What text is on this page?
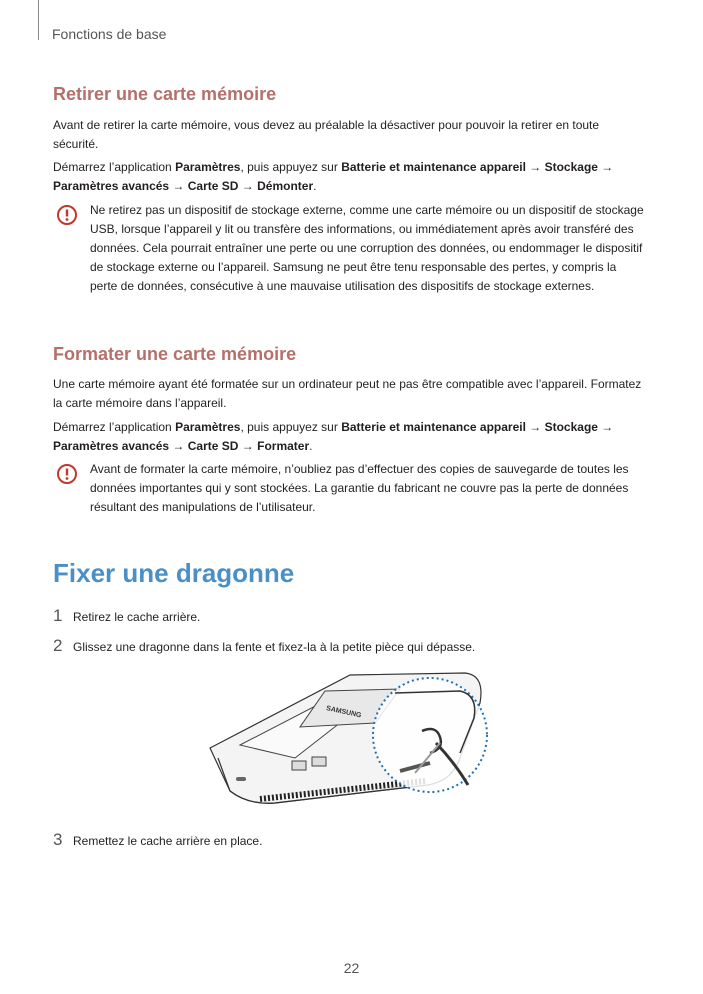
Fonctions de base
Retirer une carte mémoire
Avant de retirer la carte mémoire, vous devez au préalable la désactiver pour pouvoir la retirer en toute sécurité.
Démarrez l’application Paramètres, puis appuyez sur Batterie et maintenance appareil → Stockage →
Paramètres avancés → Carte SD → Démonter.
Ne retirez pas un dispositif de stockage externe, comme une carte mémoire ou un dispositif de stockage USB, lorsque l’appareil y lit ou transfère des informations, ou immédiatement après avoir transféré des données. Cela pourrait entraîner une perte ou une corruption des données, ou endommager le dispositif de stockage externe ou l’appareil. Samsung ne peut être tenu responsable des pertes, y compris la perte de données, consécutive à une mauvaise utilisation des dispositifs de stockage externes.
Formater une carte mémoire
Une carte mémoire ayant été formatée sur un ordinateur peut ne pas être compatible avec l’appareil. Formatez la carte mémoire dans l’appareil.
Démarrez l’application Paramètres, puis appuyez sur Batterie et maintenance appareil → Stockage →
Paramètres avancés → Carte SD → Formater.
Avant de formater la carte mémoire, n’oubliez pas d’effectuer des copies de sauvegarde de toutes les données importantes qui y sont stockées. La garantie du fabricant ne couvre pas la perte de données résultant des manipulations de l’utilisateur.
Fixer une dragonne
1 Retirez le cache arrière.
2 Glissez une dragonne dans la fente et fixez-la à la petite pièce qui dépasse.
SAMSUNG
3 Remettez le cache arrière en place.
22
